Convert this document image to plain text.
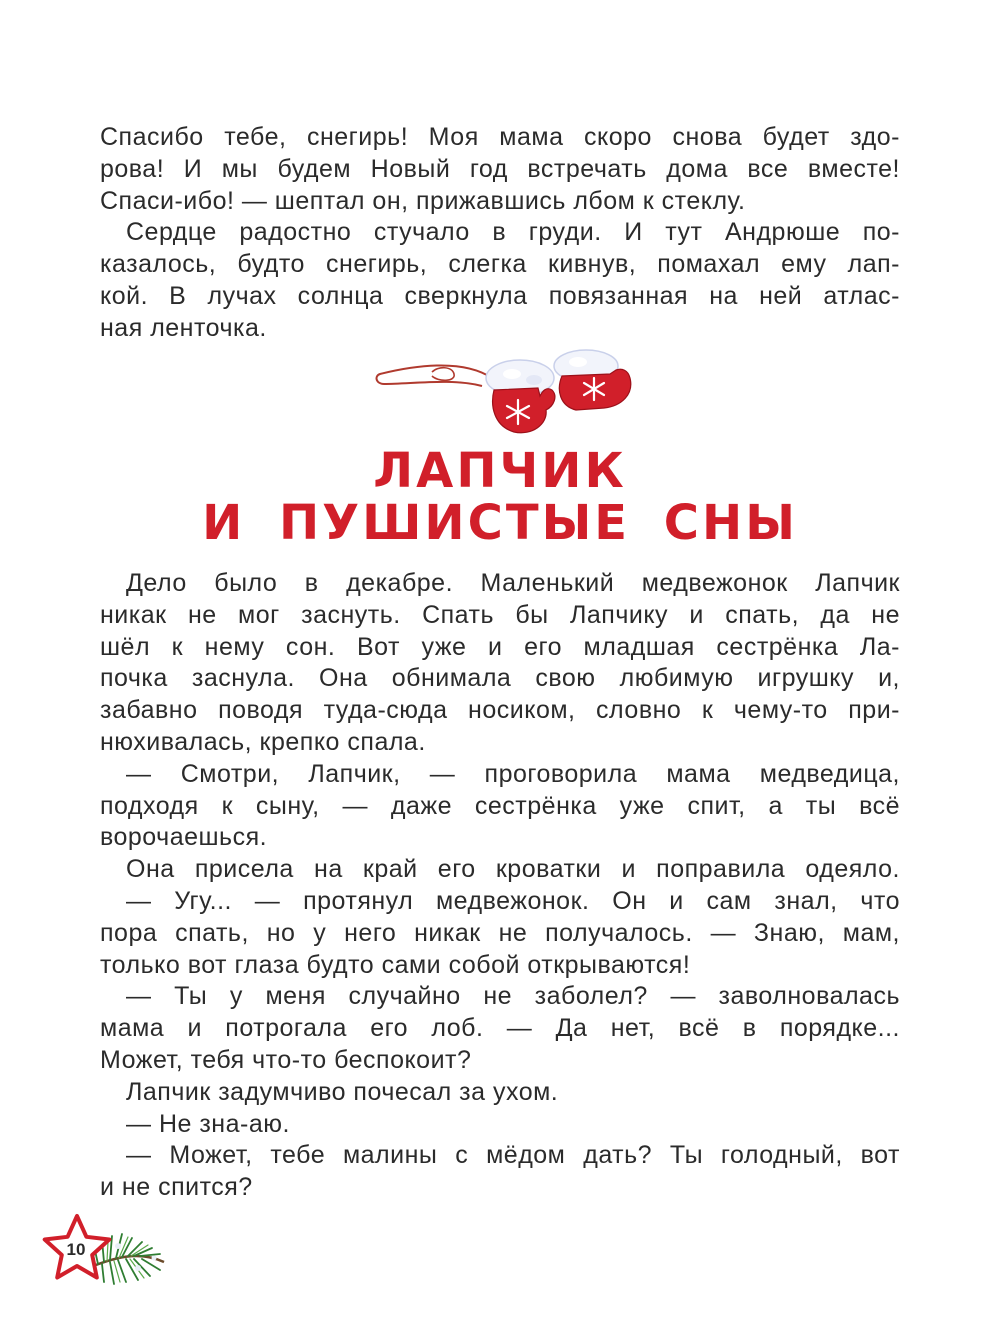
Спасибо тебе, снегирь! Моя мама скоро снова будет здо-
рова! И мы будем Новый год встречать дома все вместе!
Спаси-ибо! — шептал он, прижавшись лбом к стеклу.
Сердце радостно стучало в груди. И тут Андрюше по-
казалось, будто снегирь, слегка кивнув, помахал ему лап-
кой. В лучах солнца сверкнула повязанная на ней атлас-
ная ленточка.
ЛАПЧИК
И ПУШИСТЫЕ СНЫ
Дело было в декабре. Маленький медвежонок Лапчик
никак не мог заснуть. Спать бы Лапчику и спать, да не
шёл к нему сон. Вот уже и его младшая сестрёнка Ла-
почка заснула. Она обнимала свою любимую игрушку и,
забавно поводя туда-сюда носиком, словно к чему-то при-
нюхивалась, крепко спала.
— Смотри, Лапчик, — проговорила мама медведица,
подходя к сыну, — даже сестрёнка уже спит, а ты всё
ворочаешься.
Она присела на край его кроватки и поправила одеяло.
— Угу... — протянул медвежонок. Он и сам знал, что
пора спать, но у него никак не получалось. — Знаю, мам,
только вот глаза будто сами собой открываются!
— Ты у меня случайно не заболел? — заволновалась
мама и потрогала его лоб. — Да нет, всё в порядке...
Может, тебя что-то беспокоит?
Лапчик задумчиво почесал за ухом.
— Не зна-аю.
— Может, тебе малины с мёдом дать? Ты голодный, вот
и не спится?
10
